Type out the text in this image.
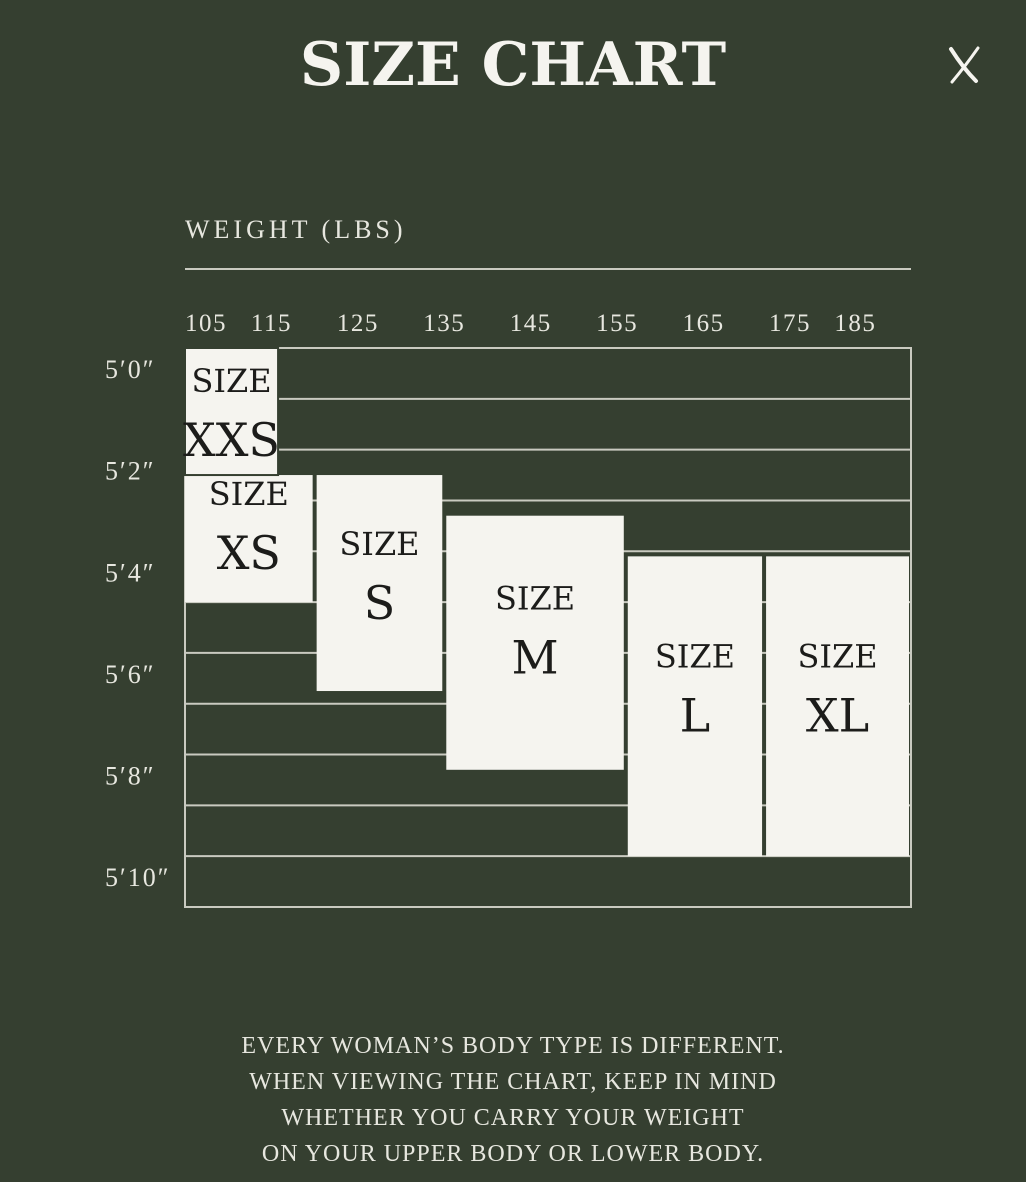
SIZE CHART
WEIGHT (LBS)
105 115 125 135 145 155 165 175 185
5′0″
5′2″
5′4″
5′6″
5′8″
5′10″
SIZE
XS SIZE
S	SIZE
M	SIZE
L
SIZE
XL
SIZE
XXS
EVERY WOMAN’S BODY TYPE IS DIFFERENT.
WHEN VIEWING THE CHART, KEEP IN MIND
WHETHER YOU CARRY YOUR WEIGHT
ON YOUR UPPER BODY OR LOWER BODY.
